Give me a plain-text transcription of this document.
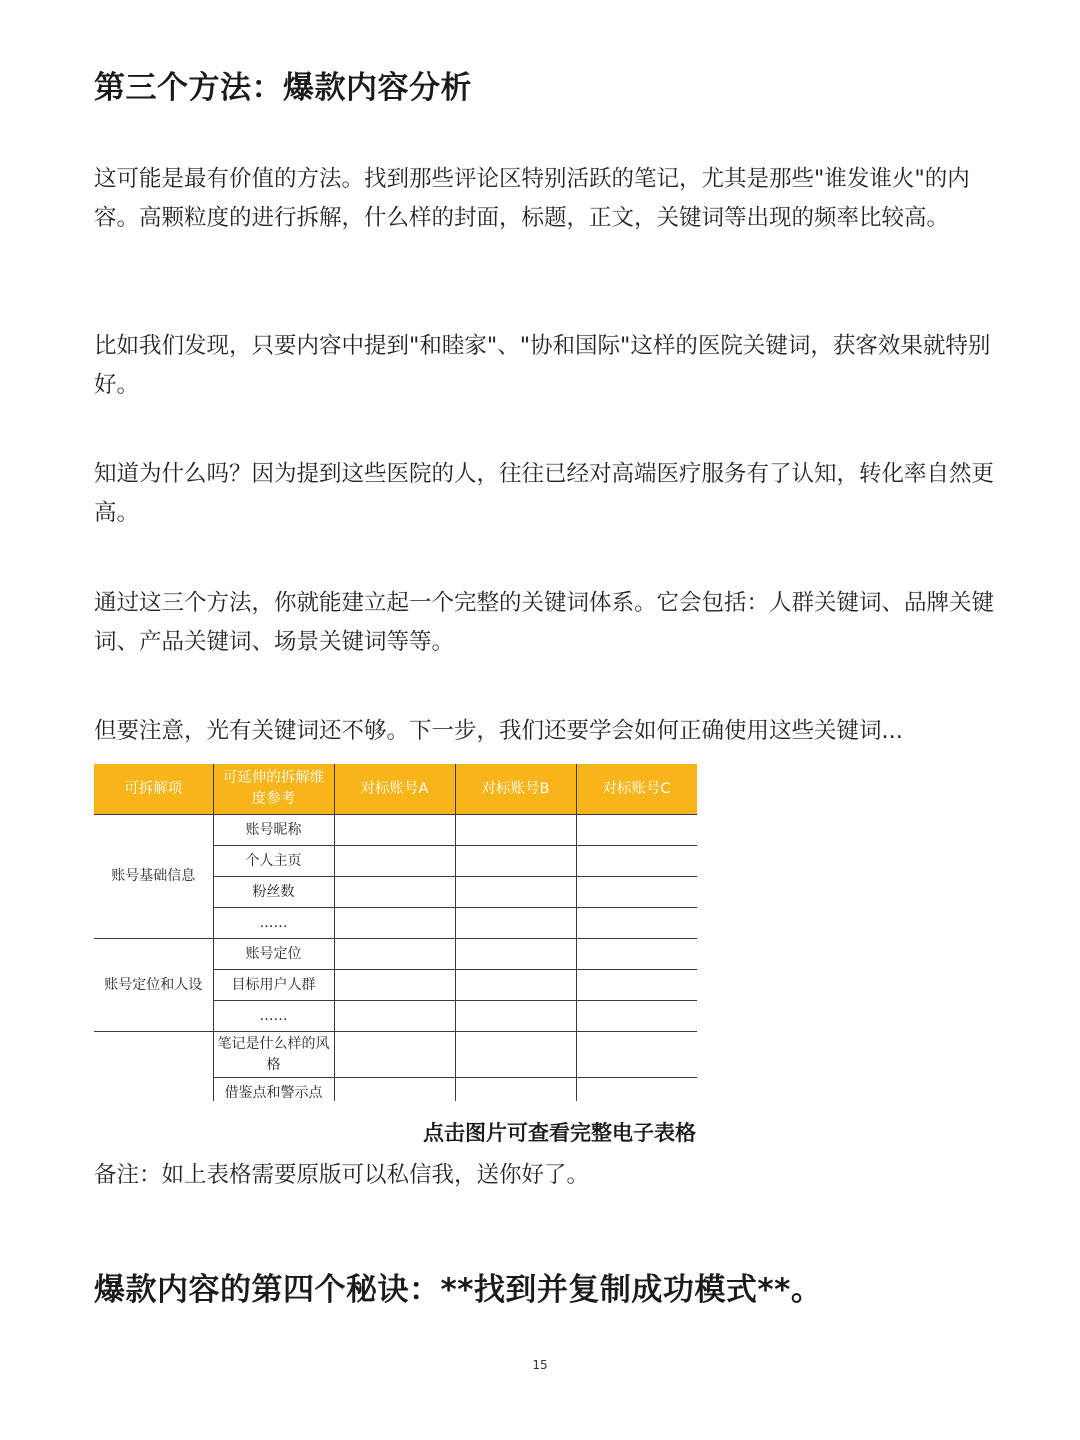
第三个方法：爆款内容分析

这可能是最有价值的方法。找到那些评论区特别活跃的笔记，尤其是那些"谁发谁火"的内容。高颗粒度的进行拆解，什么样的封面，标题，正文，关键词等出现的频率比较高。

比如我们发现，只要内容中提到"和睦家"、"协和国际"这样的医院关键词，获客效果就特别好。

知道为什么吗？因为提到这些医院的人，往往已经对高端医疗服务有了认知，转化率自然更高。

通过这三个方法，你就能建立起一个完整的关键词体系。它会包括：人群关键词、品牌关键词、产品关键词、场景关键词等等。

但要注意，光有关键词还不够。下一步，我们还要学会如何正确使用这些关键词...

可拆解项	可延伸的拆解维度参考	对标账号A	对标账号B	对标账号C
账号基础信息	账号昵称			
	个人主页			
	粉丝数			
	……			
账号定位和人设	账号定位			
	目标用户人群			
	……			
	笔记是什么样的风格			
	借鉴点和警示点			

点击图片可查看完整电子表格

备注：如上表格需要原版可以私信我，送你好了。

爆款内容的第四个秘诀：**找到并复制成功模式**。
15
